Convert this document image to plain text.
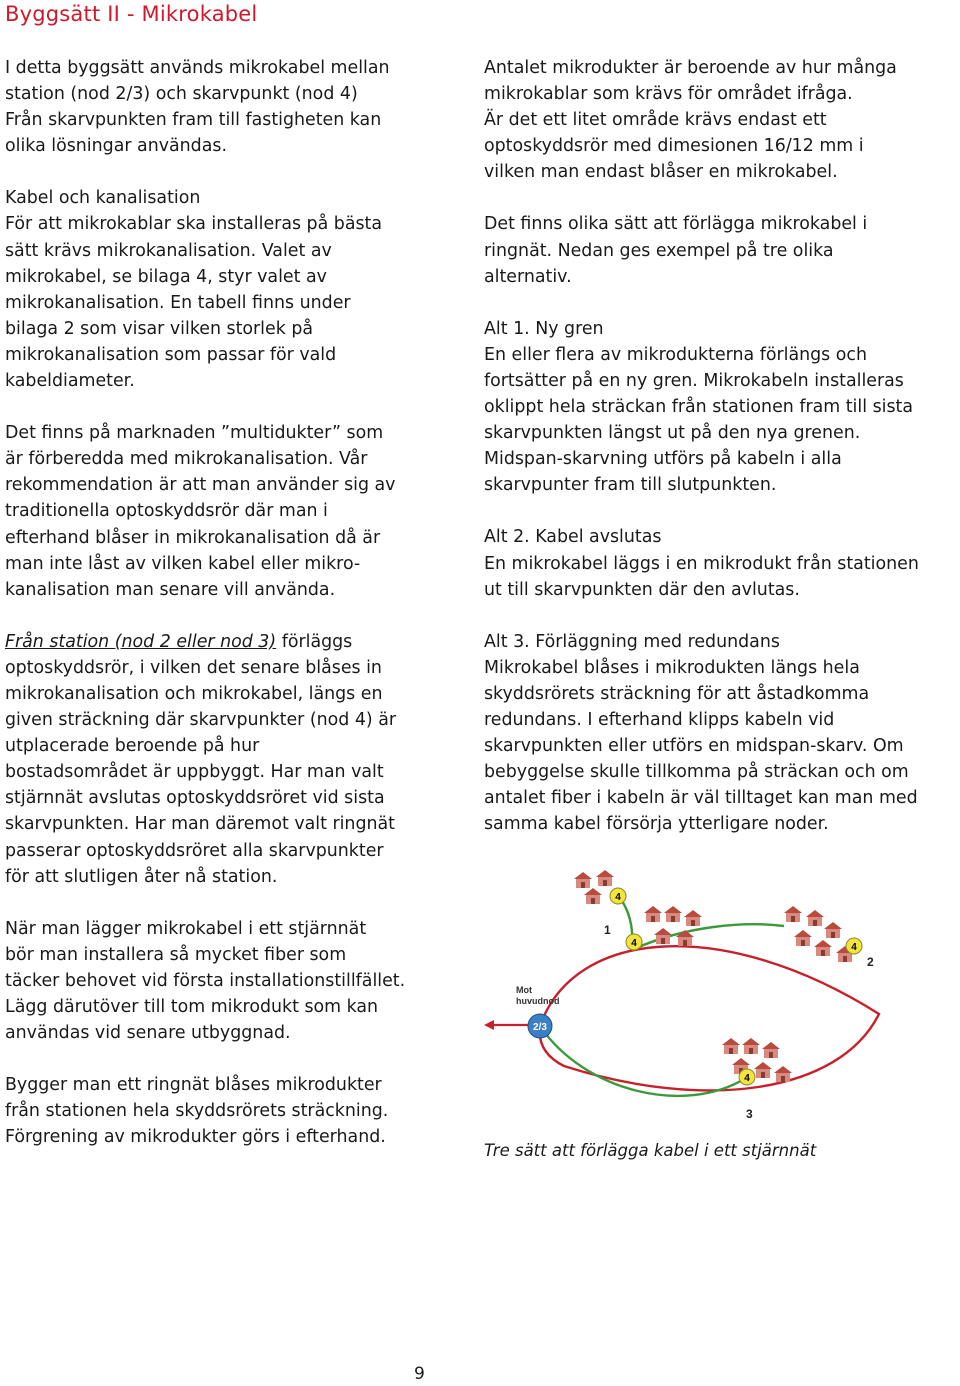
Byggsätt II - Mikrokabel

I detta byggsätt används mikrokabel mellan
station (nod 2/3) och skarvpunkt (nod 4)
Från skarvpunkten fram till fastigheten kan
olika lösningar användas.

Kabel och kanalisation
För att mikrokablar ska installeras på bästa
sätt krävs mikrokanalisation. Valet av
mikrokabel, se bilaga 4, styr valet av
mikrokanalisation. En tabell finns under
bilaga 2 som visar vilken storlek på
mikrokanalisation som passar för vald
kabeldiameter.

Det finns på marknaden ”multidukter” som
är förberedda med mikrokanalisation. Vår
rekommendation är att man använder sig av
traditionella optoskyddsrör där man i
efterhand blåser in mikrokanalisation då är
man inte låst av vilken kabel eller mikro-
kanalisation man senare vill använda.

Från station (nod 2 eller nod 3) förläggs
optoskyddsrör, i vilken det senare blåses in
mikrokanalisation och mikrokabel, längs en
given sträckning där skarvpunkter (nod 4) är
utplacerade beroende på hur
bostadsområdet är uppbyggt. Har man valt
stjärnnät avslutas optoskyddsröret vid sista
skarvpunkten. Har man däremot valt ringnät
passerar optoskyddsröret alla skarvpunkter
för att slutligen åter nå station.

När man lägger mikrokabel i ett stjärnnät
bör man installera så mycket fiber som
täcker behovet vid första installationstillfället.
Lägg därutöver till tom mikrodukt som kan
användas vid senare utbyggnad.

Bygger man ett ringnät blåses mikrodukter
från stationen hela skyddsrörets sträckning.
Förgrening av mikrodukter görs i efterhand.

Antalet mikrodukter är beroende av hur många
mikrokablar som krävs för området ifråga.
Är det ett litet område krävs endast ett
optoskyddsrör med dimesionen 16/12 mm i
vilken man endast blåser en mikrokabel.

Det finns olika sätt att förlägga mikrokabel i
ringnät. Nedan ges exempel på tre olika
alternativ.

Alt 1. Ny gren
En eller flera av mikrodukterna förlängs och
fortsätter på en ny gren. Mikrokabeln installeras
oklippt hela sträckan från stationen fram till sista
skarvpunkten längst ut på den nya grenen.
Midspan-skarvning utförs på kabeln i alla
skarvpunter fram till slutpunkten.

Alt 2. Kabel avslutas
En mikrokabel läggs i en mikrodukt från stationen
ut till skarvpunkten där den avlutas.

Alt 3. Förläggning med redundans
Mikrokabel blåses i mikrodukten längs hela
skyddsrörets sträckning för att åstadkomma
redundans. I efterhand klipps kabeln vid
skarvpunkten eller utförs en midspan-skarv. Om
bebyggelse skulle tillkomma på sträckan och om
antalet fiber i kabeln är väl tilltaget kan man med
samma kabel försörja ytterligare noder.

4
4	4
4
2/3
Mot
huvudnod
1
2
3

Tre sätt att förlägga kabel i ett stjärnnät

9
